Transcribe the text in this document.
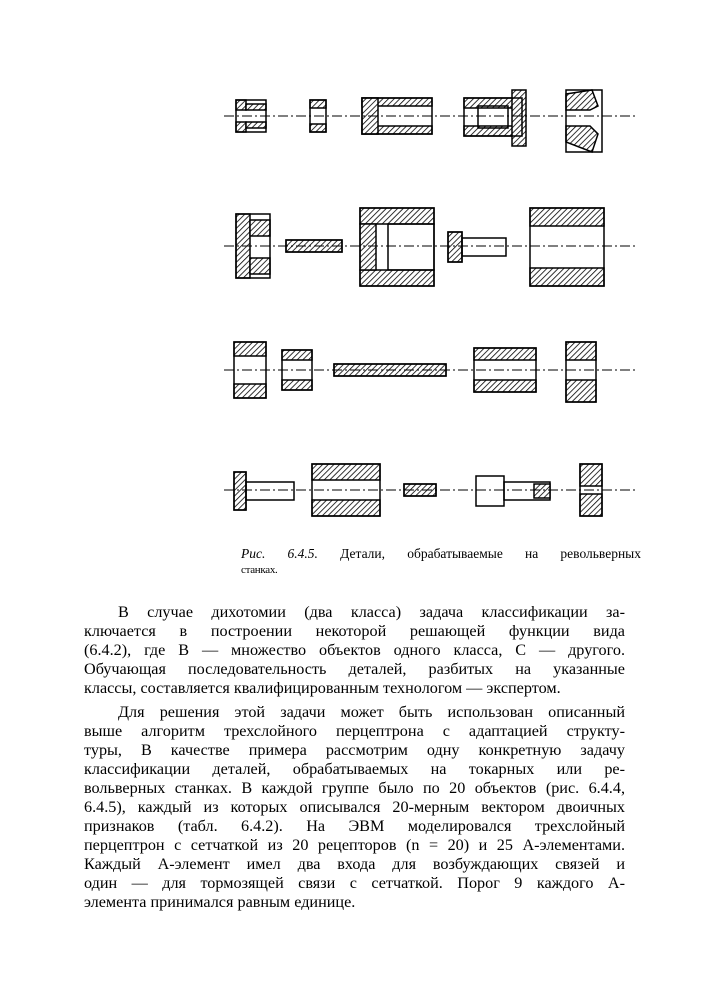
Рис. 6.4.5. Детали, обрабатываемые на револьверных
станках.
В случае дихотомии (два класса) задача классификации за-
ключается в построении некоторой решающей функции вида
(6.4.2), где B — множество объектов одного класса, C — другого.
Обучающая последовательность деталей, разбитых на указанные
классы, составляется квалифицированным технологом — экспертом.
Для решения этой задачи может быть использован описанный
выше алгоритм трехслойного перцептрона с адаптацией структу-
туры, В качестве примера рассмотрим одну конкретную задачу
классификации деталей, обрабатываемых на токарных или ре-
вольверных станках. В каждой группе было по 20 объектов (рис. 6.4.4,
6.4.5), каждый из которых описывался 20-мерным вектором двоичных
признаков (табл. 6.4.2). На ЭВМ моделировался трехслойный
перцептрон с сетчаткой из 20 рецепторов (n = 20) и 25 A-элементами.
Каждый A-элемент имел два входа для возбуждающих связей и
один — для тормозящей связи с сетчаткой. Порог 9 каждого A-
элемента принимался равным единице.
